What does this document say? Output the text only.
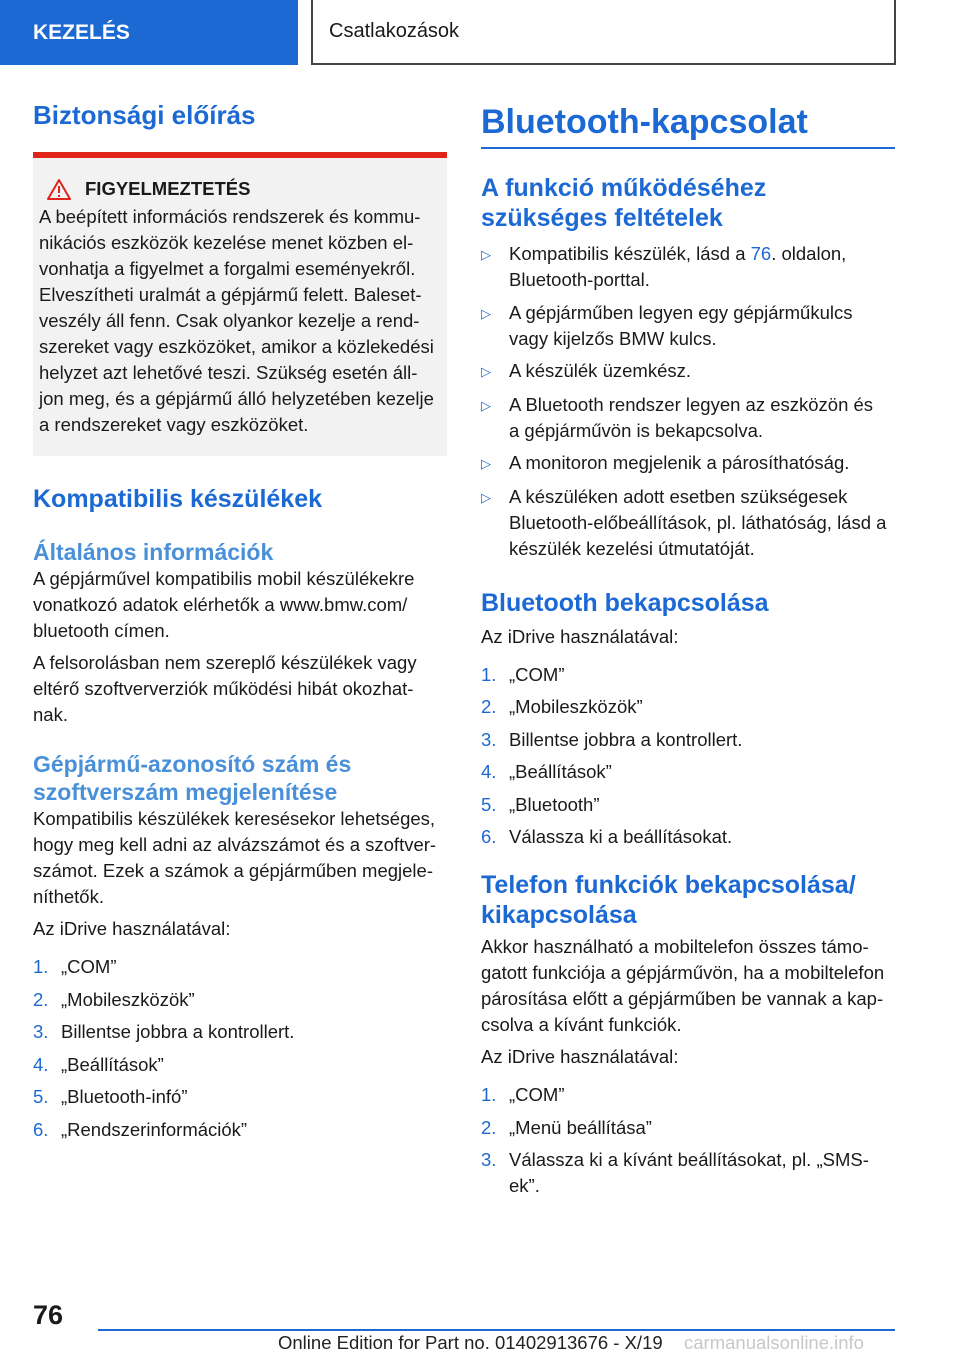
KEZELÉS	Csatlakozások
Biztonsági előírás
FIGYELMEZTETÉS

A beépített információs rendszerek és kommu-
nikációs eszközök kezelése menet közben el-
vonhatja a figyelmet a forgalmi eseményekről.
Elveszítheti uralmát a gépjármű felett. Baleset-
veszély áll fenn. Csak olyankor kezelje a rend-
szereket vagy eszközöket, amikor a közlekedési
helyzet azt lehetővé teszi. Szükség esetén áll-
jon meg, és a gépjármű álló helyzetében kezelje
a rendszereket vagy eszközöket.

Kompatibilis készülékek
Általános információk

A gépjárművel kompatibilis mobil készülékekre
vonatkozó adatok elérhetők a www.bmw.com/
bluetooth címen.

A felsorolásban nem szereplő készülékek vagy
eltérő szoftververziók működési hibát okozhat-
nak.

Gépjármű-azonosító szám és
szoftverszám megjelenítése

Kompatibilis készülékek keresésekor lehetséges,
hogy meg kell adni az alvázszámot és a szoftver-
számot. Ezek a számok a gépjárműben megjele-
níthetők.

Az iDrive használatával:

1. „COM”
2. „Mobileszközök”
3. Billentse jobbra a kontrollert.
4. „Beállítások”
5. „Bluetooth-infó”
6. „Rendszerinformációk”
Bluetooth-kapcsolat
A funkció működéséhez
szükséges feltételek
▷ Kompatibilis készülék, lásd a 76. oldalon,
Bluetooth-porttal.
▷ A gépjárműben legyen egy gépjárműkulcs
vagy kijelzős BMW kulcs.
▷ A készülék üzemkész.
▷ A Bluetooth rendszer legyen az eszközön és
a gépjárművön is bekapcsolva.
▷ A monitoron megjelenik a párosíthatóság.
▷ A készüléken adott esetben szükségesek
Bluetooth-előbeállítások, pl. láthatóság, lásd a
készülék kezelési útmutatóját.
Bluetooth bekapcsolása

Az iDrive használatával:

1. „COM”
2. „Mobileszközök”
3. Billentse jobbra a kontrollert.
4. „Beállítások”
5. „Bluetooth”
6. Válassza ki a beállításokat.
Telefon funkciók bekapcsolása/
kikapcsolása

Akkor használható a mobiltelefon összes támo-
gatott funkciója a gépjárművön, ha a mobiltelefon
párosítása előtt a gépjárműben be vannak a kap-
csolva a kívánt funkciók.

Az iDrive használatával:

1. „COM”
2. „Menü beállítása”
3. Válassza ki a kívánt beállításokat, pl. „SMS-
ek”.
76
Online Edition for Part no. 01402913676 - X/19 carmanualsonline.info
